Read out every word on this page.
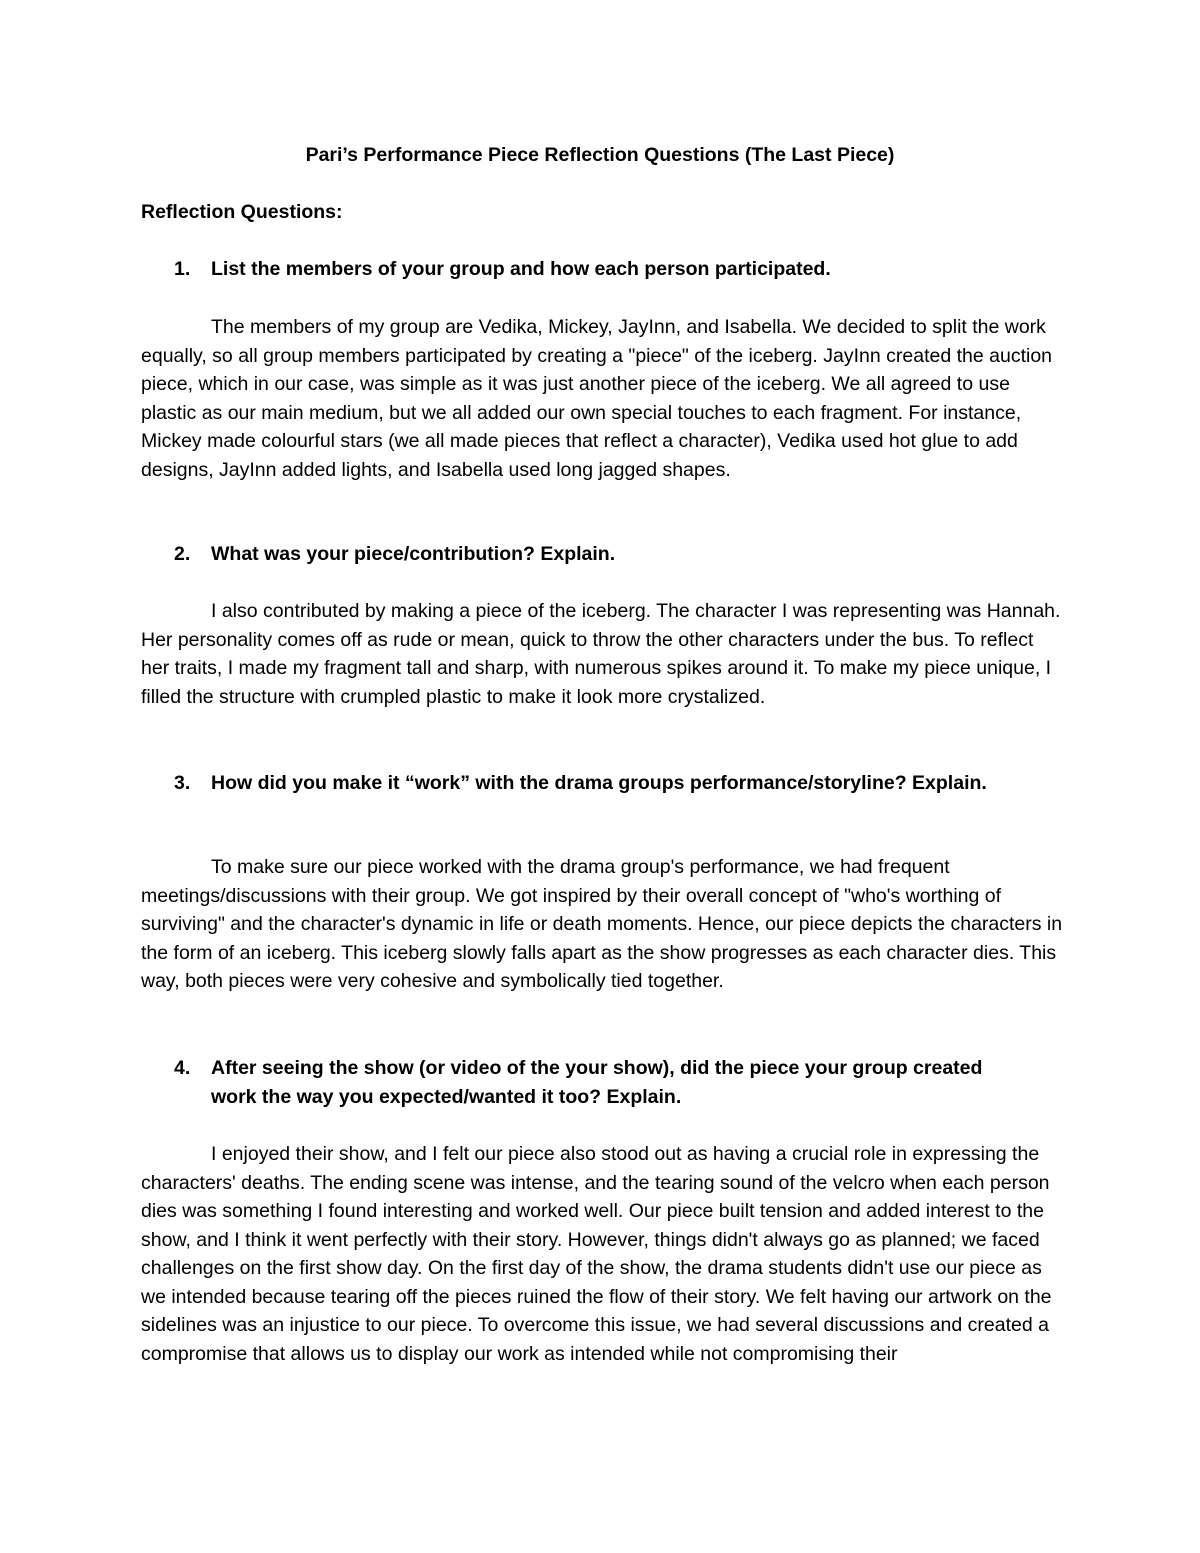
Pari’s Performance Piece Reflection Questions (The Last Piece)
Reflection Questions:
1. List the members of your group and how each person participated.

The members of my group are Vedika, Mickey, JayInn, and Isabella. We decided to split the work equally, so all group members participated by creating a "piece" of the iceberg. JayInn created the auction piece, which in our case, was simple as it was just another piece of the iceberg. We all agreed to use plastic as our main medium, but we all added our own special touches to each fragment. For instance, Mickey made colourful stars (we all made pieces that reflect a character), Vedika used hot glue to add designs, JayInn added lights, and Isabella used long jagged shapes.

2. What was your piece/contribution? Explain.

I also contributed by making a piece of the iceberg. The character I was representing was Hannah. Her personality comes off as rude or mean, quick to throw the other characters under the bus. To reflect her traits, I made my fragment tall and sharp, with numerous spikes around it. To make my piece unique, I filled the structure with crumpled plastic to make it look more crystalized.

3. How did you make it “work” with the drama groups performance/storyline? Explain.

To make sure our piece worked with the drama group's performance, we had frequent meetings/discussions with their group. We got inspired by their overall concept of "who's worthing of surviving" and the character's dynamic in life or death moments. Hence, our piece depicts the characters in the form of an iceberg. This iceberg slowly falls apart as the show progresses as each character dies. This way, both pieces were very cohesive and symbolically tied together.

4. After seeing the show (or video of the your show), did the piece your group created work the way you expected/wanted it too? Explain.

I enjoyed their show, and I felt our piece also stood out as having a crucial role in expressing the characters' deaths. The ending scene was intense, and the tearing sound of the velcro when each person dies was something I found interesting and worked well. Our piece built tension and added interest to the show, and I think it went perfectly with their story. However, things didn't always go as planned; we faced challenges on the first show day. On the first day of the show, the drama students didn't use our piece as we intended because tearing off the pieces ruined the flow of their story. We felt having our artwork on the sidelines was an injustice to our piece. To overcome this issue, we had several discussions and created a compromise that allows us to display our work as intended while not compromising their
